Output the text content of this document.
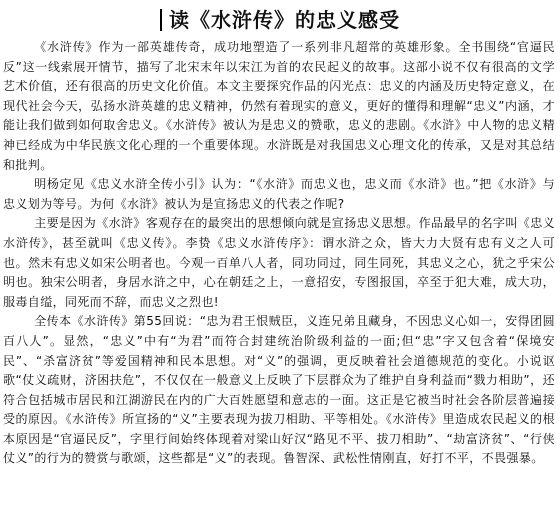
读《水浒传》的忠义感受

《水浒传》作为一部英雄传奇，成功地塑造了一系列非凡超常的英雄形象。全书围绕“官逼民反”这一线索展开情节，描写了北宋末年以宋江为首的农民起义的故事。这部小说不仅有很高的文学艺术价值，还有很高的历史文化价值。本文主要探究作品的闪光点：忠义的内涵及历史特定意义，在现代社会今天，弘扬水浒英雄的忠义精神，仍然有着现实的意义，更好的懂得和理解“忠义”内涵，才能让我们做到如何取舍忠义。《水浒传》被认为是忠义的赞歌，忠义的悲剧。《水浒》中人物的忠义精神已经成为中华民族文化心理的一个重要体现。水浒既是对我国忠义心理文化的传承，又是对其总结和批判。

明杨定见《忠义水浒全传小引》认为：“《水浒》而忠义也，忠义而《水浒》也。”把《水浒》与忠义划为等号。为何《水浒》被认为是宣扬忠义的代表之作呢?

主要是因为《水浒》客观存在的最突出的思想倾向就是宣扬忠义思想。作品最早的名字叫《忠义水浒传》，甚至就叫《忠义传》。李贽《忠义水浒传序》：谓水浒之众，皆大力大贤有忠有义之人可也。然未有忠义如宋公明者也。今观一百单八人者，同功同过，同生同死，其忠义之心，犹之乎宋公明也。独宋公明者，身居水浒之中，心在朝廷之上，一意招安，专图报国，卒至于犯大难，成大功，服毒自缢，同死而不辞，而忠义之烈也!

全传本《水浒传》第55回说：“忠为君王恨贼臣，义连兄弟且藏身，不因忠义心如一，安得团圆百八人”。显然，“忠义”中有“为君”而符合封建统治阶级利益的一面;但“忠”字又包含着“保境安民”、“杀富济贫”等爱国精神和民本思想。对“义”的强调，更反映着社会道德规范的变化。小说讴歌“仗义疏财，济困扶危”，不仅仅在一般意义上反映了下层群众为了维护自身利益而“戮力相助”，还符合包括城市居民和江湖游民在内的广大百姓愿望和意志的一面。这正是它被当时社会各阶层普遍接受的原因。《水浒传》所宣扬的“义”主要表现为拔刀相助、平等相处。《水浒传》里造成农民起义的根本原因是“官逼民反”，字里行间始终体现着对梁山好汉“路见不平、拔刀相助”、“劫富济贫”、“行侠仗义”的行为的赞赏与歌颂，这些都是“义”的表现。鲁智深、武松性情刚直，好打不平，不畏强暴。
